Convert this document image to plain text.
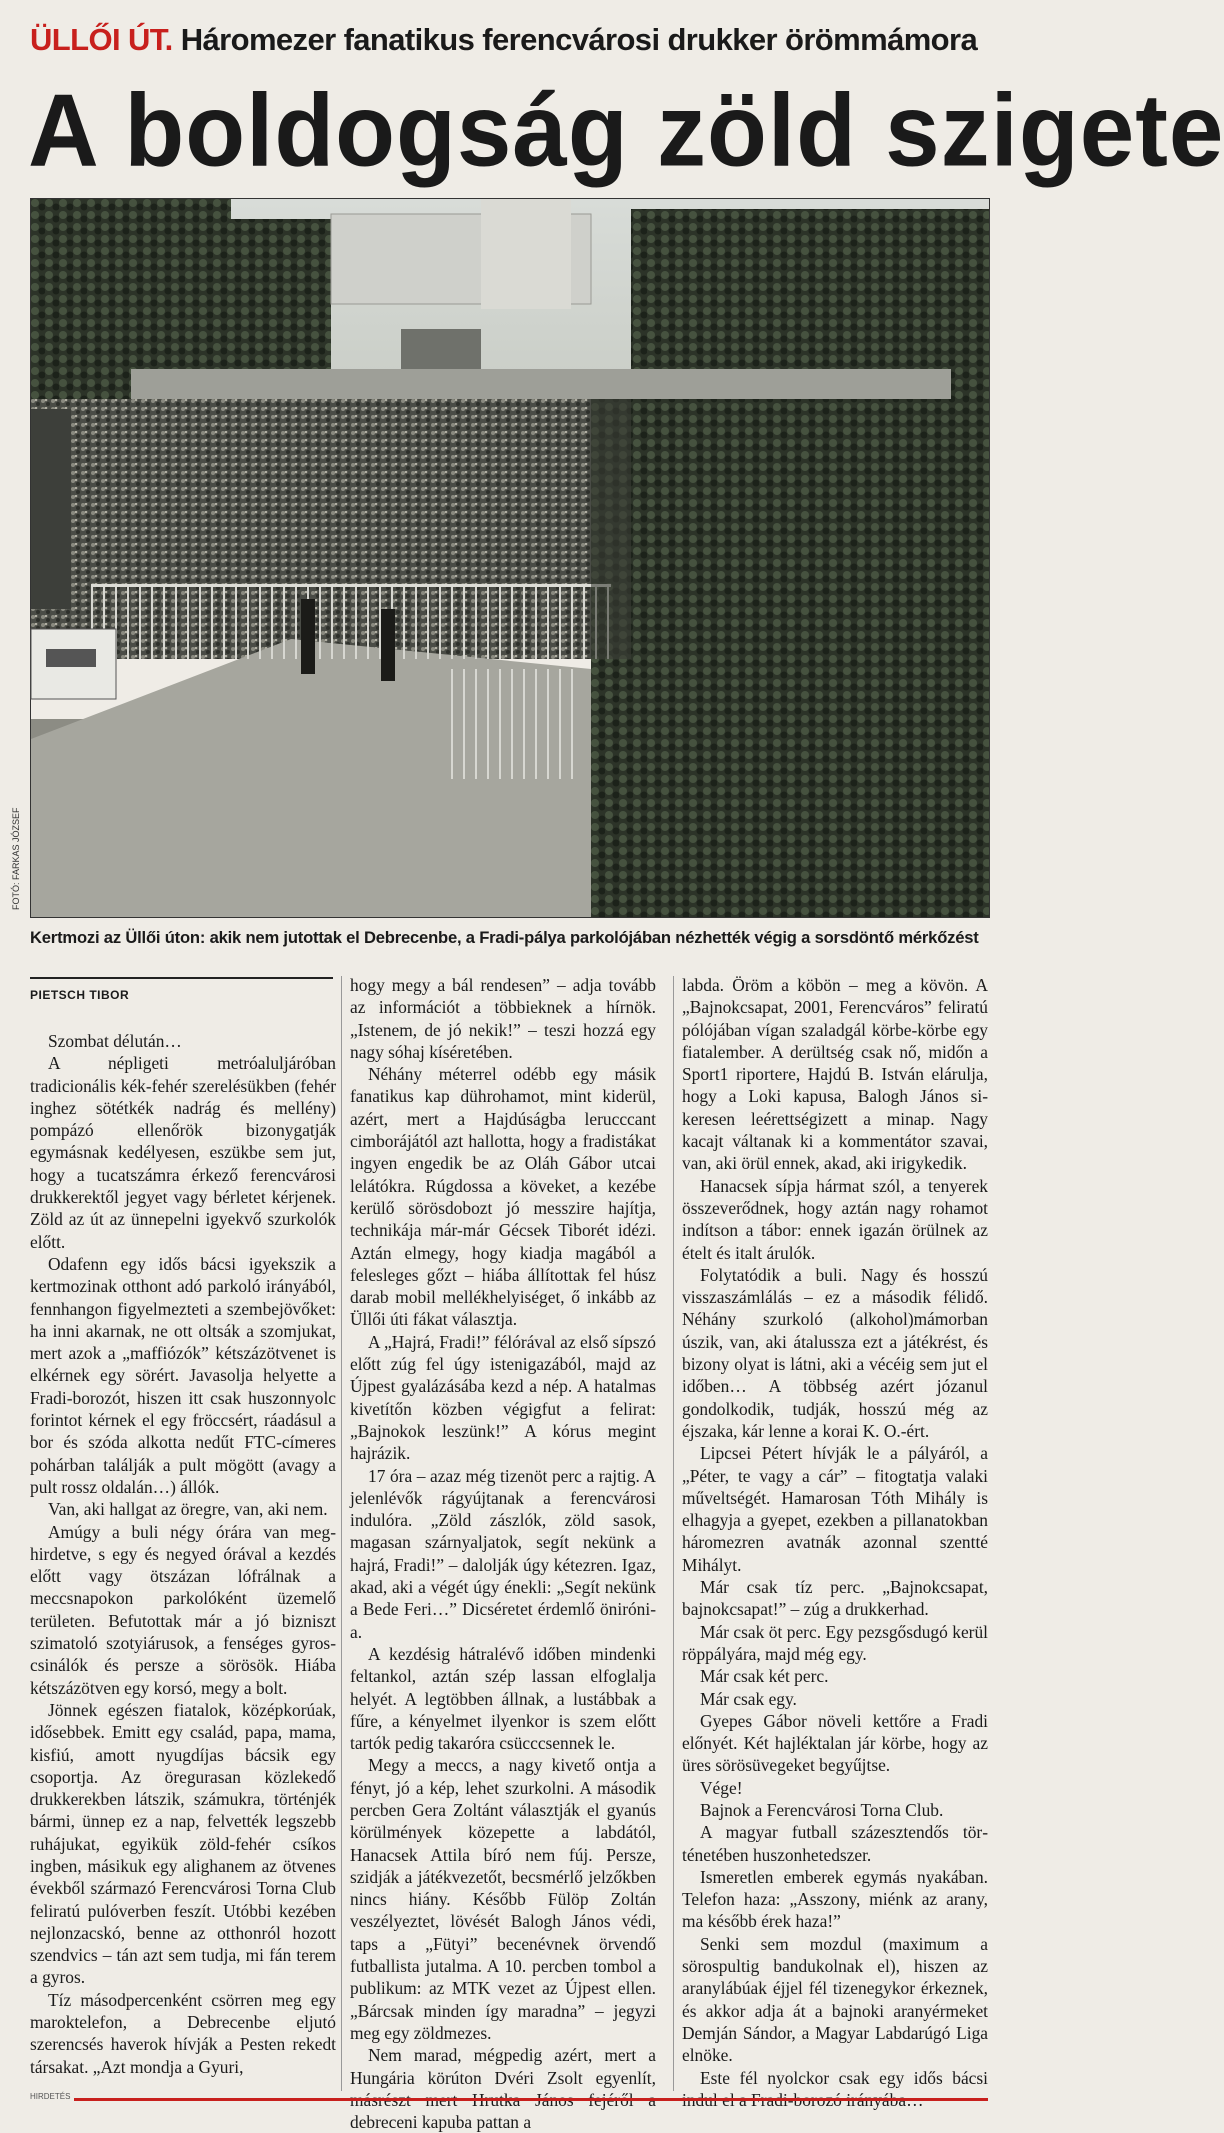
ÜLLŐI ÚT. Háromezer fanatikus ferencvárosi drukker örömmámora
A boldogság zöld szigete
FOTÓ: FARKAS JÓZSEF
Kertmozi az Üllői úton: akik nem jutottak el Debrecenbe, a Fradi-pálya parkolójában nézhették végig a sorsdöntő mérkőzést
PIETSCH TIBOR

Szombat délután…

A népligeti metróaluljáróban tradicionális kék-fehér szerelésükben (fehér inghez sötétkék nadrág és mellény) pompázó ellenőrök bizonygatják egymásnak kedélyesen, eszükbe sem jut, hogy a tucatszámra érkező ferencvárosi drukkerektől jegyet vagy bérletet kérjenek. Zöld az út az ünnepelni igyekvő szurkolók előtt.

Odafenn egy idős bácsi igyekszik a kertmozinak otthont adó parkoló irányából, fennhangon figyelmezteti a szembejövőket: ha inni akarnak, ne ott oltsák a szomjukat, mert azok a „maffiózók” kétszázötvenet is elkérnek egy sörért. Javasolja helyette a Fradi-borozót, hiszen itt csak huszonnyolc forintot kérnek el egy fröccsért, ráadásul a bor és szóda alkotta nedűt FTC-címeres pohárban találják a pult mögött (avagy a pult rossz oldalán…) állók.

Van, aki hallgat az öregre, van, aki nem.

Amúgy a buli négy órára van meghirdetve, s egy és negyed órával a kezdés előtt vagy ötszázan lófrálnak a meccsnapokon parkolóként üzemelő területen. Befutottak már a jó bizniszt szimatoló szotyiárusok, a fenséges gyros-csinálók és persze a sörösök. Hiába kétszázötven egy korsó, megy a bolt.

Jönnek egészen fiatalok, középkorúak, idősebbek. Emitt egy család, papa, mama, kisfiú, amott nyugdíjas bácsik egy csoportja. Az öregurasan közlekedő drukkerekben látszik, számukra, történjék bármi, ünnep ez a nap, felvették legszebb ruhájukat, egyikük zöld-fehér csíkos ingben, másikuk egy alighanem az ötvenes évekből származó Ferencvárosi Torna Club feliratú pulóverben feszít. Utóbbi kezében nejlonzacskó, benne az otthonról hozott szendvics – tán azt sem tudja, mi fán terem a gyros.

Tíz másodpercenként csörren meg egy maroktelefon, a Debrecenbe eljutó szerencsés haverok hívják a Pesten rekedt társakat. „Azt mondja a Gyuri,

hogy megy a bál rendesen” – adja tovább az információt a többieknek a hírnök. „Istenem, de jó nekik!” – teszi hozzá egy nagy sóhaj kíséretében.

Néhány méterrel odébb egy másik fanatikus kap dührohamot, mint kiderül, azért, mert a Hajdúságba lerucccant cimborájától azt hallotta, hogy a fradistákat ingyen engedik be az Oláh Gábor utcai lelátókra. Rúgdossa a köveket, a kezébe kerülő sörösdobozt jó messzire hajítja, technikája már-már Gécsek Tiborét idézi. Aztán elmegy, hogy kiadja magából a felesleges gőzt – hiába állítottak fel húsz darab mobil mellékhelyiséget, ő inkább az Üllői úti fákat választja.

A „Hajrá, Fradi!” félórával az első sípszó előtt zúg fel úgy istenigazából, majd az Újpest gyalázásába kezd a nép. A hatalmas kivetítőn közben végigfut a felirat: „Bajnokok leszünk!” A kórus megint hajrázik.

17 óra – azaz még tizenöt perc a rajtig. A jelenlévők rágyújtanak a ferencvárosi indulóra. „Zöld zászlók, zöld sasok, magasan szárnyaljatok, segít nekünk a hajrá, Fradi!” – dalolják úgy kétezren. Igaz, akad, aki a végét úgy énekli: „Segít nekünk a Bede Feri…” Dicséretet érdemlő önirónia.

A kezdésig hátralévő időben mindenki feltankol, aztán szép lassan elfoglalja helyét. A legtöbben állnak, a lustábbak a fűre, a kényelmet ilyenkor is szem előtt tartók pedig takaróra csücccsennek le.

Megy a meccs, a nagy kivető ontja a fényt, jó a kép, lehet szurkolni. A második percben Gera Zoltánt választják el gyanús körülmények közepette a labdától, Hanacsek Attila bíró nem fúj. Persze, szidják a játékvezetőt, becsmérlő jelzőkben nincs hiány. Később Fülöp Zoltán veszélyeztet, lövését Balogh János védi, taps a „Fütyi” becenévnek örvendő futballista jutalma. A 10. percben tombol a publikum: az MTK vezet az Újpest ellen. „Bárcsak minden így maradna” – jegyzi meg egy zöldmezes.

Nem marad, mégpedig azért, mert a Hungária körúton Dvéri Zsolt egyenlít, debreceni kapuba pattan a

labda. Öröm a köbön – meg a kövön. A „Bajnokcsapat, 2001, Ferencváros” feliratú pólójában vígan szaladgál körbe-körbe egy fiatalember. A derültség csak nő, midőn a Sport1 riportere, Hajdú B. István elárulja, hogy a Loki kapusa, Balogh János sikeresen leérettségizett a minap. Nagy kacajt váltanak ki a kommentátor szavai, van, aki örül ennek, akad, aki irigykedik.

Hanacsek sípja hármat szól, a tenyerek összeverődnek, hogy aztán nagy rohamot indítson a tábor: ennek igazán örülnek az ételt és italt árulók.

Folytatódik a buli. Nagy és hosszú visszaszámlálás – ez a második félidő. Néhány szurkoló (alkohol)mámorban úszik, van, aki átalussza ezt a játékrést, és bizony olyat is látni, aki a vécéig sem jut el időben… A többség azért józanul gondolkodik, tudják, hosszú még az éjszaka, kár lenne a korai K. O.-ért.

Lipcsei Pétert hívják le a pályáról, a „Péter, te vagy a cár” – fitogtatja valaki műveltségét. Hamarosan Tóth Mihály is elhagyja a gyepet, ezekben a pillanatokban háromezren avatnák azonnal szentté Mihályt.

Már csak tíz perc. „Bajnokcsapat, bajnokcsapat!” – zúg a drukkerhad.

Már csak öt perc. Egy pezsgősdugó kerül röppályára, majd még egy.

Már csak két perc.

Már csak egy.

Gyepes Gábor növeli kettőre a Fradi előnyét. Két hajléktalan jár körbe, hogy az üres sörösüvegeket begyűjtse.

Vége!

Bajnok a Ferencvárosi Torna Club.

A magyar futball százesztendős történetében huszonhetedszer.

Ismeretlen emberek egymás nyakában. Telefon haza: „Asszony, miénk az arany, ma később érek haza!”

Senki sem mozdul (maximum a sörospultig bandukolnak el), hiszen az aranylábúak éjjel fél tizenegykor érkeznek, és akkor adja át a bajnoki aranyérmeket Demján Sándor, a Magyar Labdarúgó Liga elnöke.

Este fél nyolckor csak egy idős bácsi

HIRDETÉS
